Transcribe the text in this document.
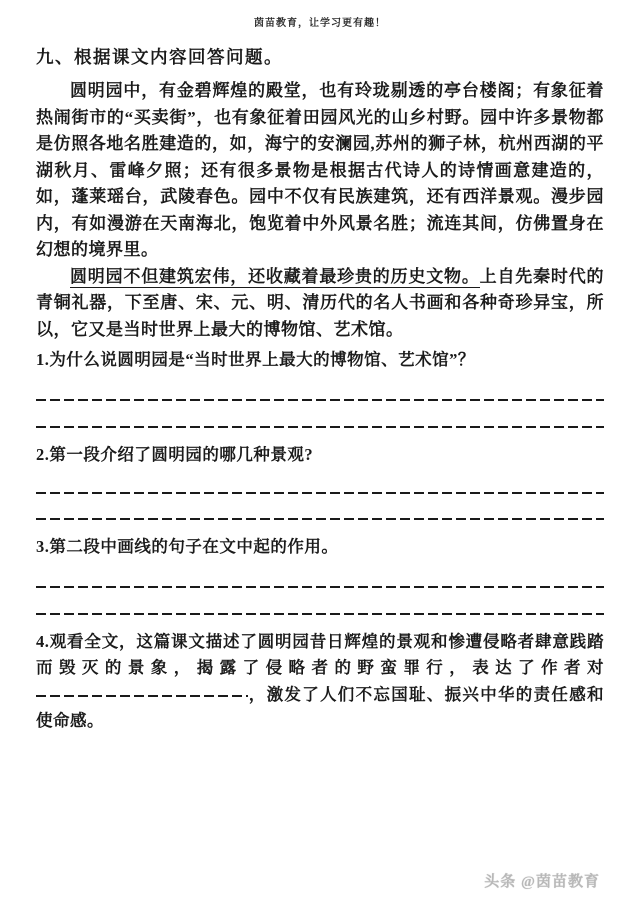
茵苗教育，让学习更有趣！
九、根据课文内容回答问题。

圆明园中，有金碧辉煌的殿堂，也有玲珑剔透的亭台楼阁；有象征着热闹街市的“买卖街”，也有象征着田园风光的山乡村野。园中许多景物都是仿照各地名胜建造的，如，海宁的安澜园,苏州的狮子林，杭州西湖的平湖秋月、雷峰夕照；还有很多景物是根据古代诗人的诗情画意建造的，如，蓬莱瑶台，武陵春色。园中不仅有民族建筑，还有西洋景观。漫步园内，有如漫游在天南海北，饱览着中外风景名胜；流连其间，仿佛置身在幻想的境界里。

圆明园不但建筑宏伟，还收藏着最珍贵的历史文物。上自先秦时代的青铜礼器，下至唐、宋、元、明、清历代的名人书画和各种奇珍异宝，所以，它又是当时世界上最大的博物馆、艺术馆。

1.为什么说圆明园是“当时世界上最大的博物馆、艺术馆”？

2.第一段介绍了圆明园的哪几种景观?

3.第二段中画线的句子在文中起的作用。

4.观看全文，这篇课文描述了圆明园昔日辉煌的景观和惨遭侵略者肆意践踏而毁灭的景象，揭露了侵略者的野蛮罪行，表达了作者对，激发了人们不忘国耻、振兴中华的责任感和使命感。

头条 @茵苗教育
